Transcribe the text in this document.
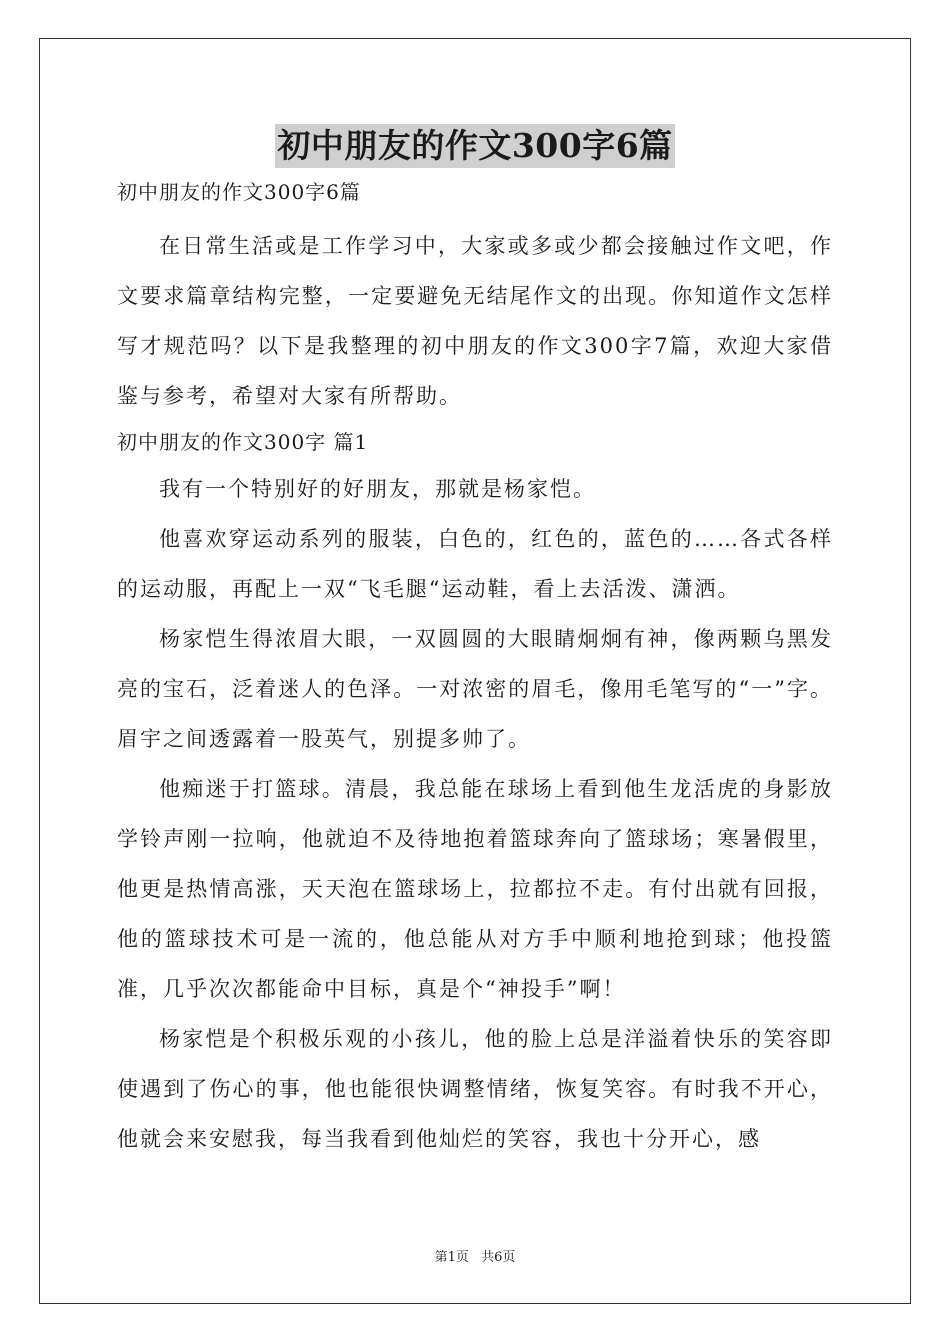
初中朋友的作文300字6篇

初中朋友的作文300字6篇

在日常生活或是工作学习中，大家或多或少都会接触过作文吧，作文要求篇章结构完整，一定要避免无结尾作文的出现。你知道作文怎样写才规范吗？以下是我整理的初中朋友的作文300字7篇，欢迎大家借鉴与参考，希望对大家有所帮助。

初中朋友的作文300字 篇1

我有一个特别好的好朋友，那就是杨家恺。

他喜欢穿运动系列的服装，白色的，红色的，蓝色的……各式各样的运动服，再配上一双“飞毛腿“运动鞋，看上去活泼、潇洒。

杨家恺生得浓眉大眼，一双圆圆的大眼睛炯炯有神，像两颗乌黑发亮的宝石，泛着迷人的色泽。一对浓密的眉毛，像用毛笔写的“一”字。眉宇之间透露着一股英气，别提多帅了。

他痴迷于打篮球。清晨，我总能在球场上看到他生龙活虎的身影放学铃声刚一拉响，他就迫不及待地抱着篮球奔向了篮球场；寒暑假里，他更是热情高涨，天天泡在篮球场上，拉都拉不走。有付出就有回报，他的篮球技术可是一流的，他总能从对方手中顺利地抢到球；他投篮准，几乎次次都能命中目标，真是个“神投手”啊！

杨家恺是个积极乐观的小孩儿，他的脸上总是洋溢着快乐的笑容即使遇到了伤心的事，他也能很快调整情绪，恢复笑容。有时我不开心，他就会来安慰我，每当我看到他灿烂的笑容，我也十分开心，感

第1页 共6页
